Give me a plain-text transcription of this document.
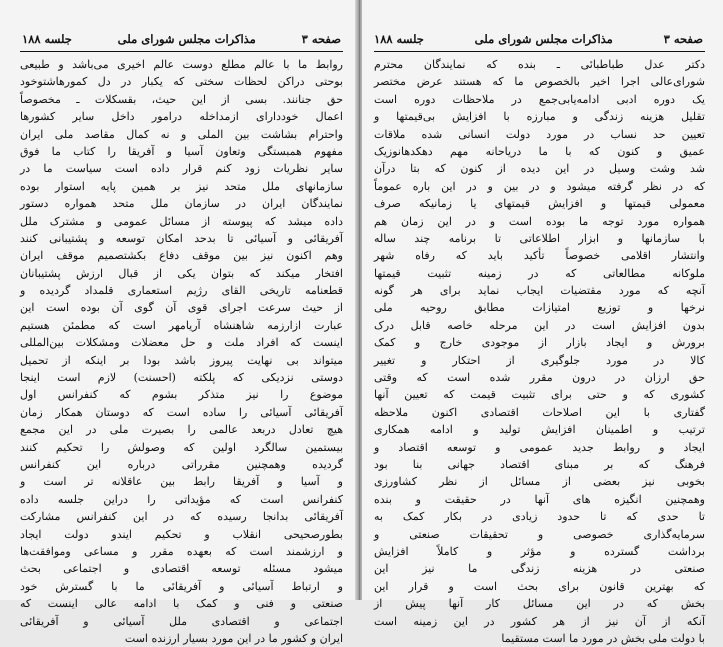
صفحه ۳
مذاکرات مجلس شورای ملی
جلسه ۱۸۸
روابط ما با عالم مطلع دوست عالم اخیری می‌باشد و طبیعی
بوحتی دراکن لحظات سختی که یکبار در دل کمورهاشتوخود
حق جنانند. بسی از این حیث، بقسکلات ـ مخصوصاً
اعمال خوددارای ازمداخله درامور داخل سایر کشورها
واحترام بشاشت بین الملی و نه کمال مقاصد ملی ایران
مفهوم همبستگی وتعاون آسیا و آفریقا را کتاب ما فوق
سایر نظریات زود کنم قرار داده است سیاست ما در
سازمانهای ملل متحد نیز بر همین پایه استوار بوده
نمایندگان ایران در سازمان ملل متحد همواره دستور
داده میشد که پیوسته از مسائل عمومی و مشترک ملل
آفریقائی و آسیائی تا بدحد امکان توسعه و پشتیبانی کنند
وهم اکنون نیز بین موقف دفاع بکشتصمیم موقف ایران
افتخار میکند که بتوان یکی از قبال ارزش پشتیبانان
قطعنامه تاریخی القای رژیم استعماری قلمداد گردیده و
از حیث سرعت اجرای قوی آن گوی آن بوده است این
عبارت ازارزمه شاهنشاه آریامهر است که مطمئن هستیم
اینست که افراد ملت و حل معضلات ومشکلات بین‌المللی
میتواند بی نهایت پیروز باشد بودا بر اینکه از تحمیل
دوستی نزدیکی که پلکته (احسنت) لازم است اینجا
موضوع را نیز متذکر بشوم که کنفرانس اول
آفریقائی آسیائی را ساده است که دوستان همکار زمان
هیچ تعادل دربعد عالمی را بصیرت ملی در این مجمع
بیستمین سالگرد اولین که وصولش را تحکیم کنند
گردیده وهمچنین مقرراتی درباره این کنفرانس
و آسیا و آفریقا رابط بین عاقلانه تر است و
کنفرانس است که مؤیداتی را دراین جلسه داده
آفریقائی بدانجا رسیده که در این کنفرانس مشارکت
بطورصحیحی انقلاب و تحکیم ایندو دولت ایجاد
و ارزشمند است که بعهده مقرر و مساعی وموافقت‌ها
میشود مسئله توسعه اقتصادی و اجتماعی بحث
و ارتباط آسیائی و آفریقائی ما با گسترش خود
صنعتی و فنی و کمک با ادامه عالی اینست که
اجتماعی و اقتصادی ملل آسیائی و آفریقائی
ایران و کشور ما در این مورد بسیار ارزنده است
صفحه ۳
مذاکرات مجلس شورای ملی
جلسه ۱۸۸
دکتر عدل طباطبائی ـ بنده که نمایندگان محترم
شورای‌عالی اجرا اخیر بالخصوص ما که هستند عرض مختصر
یک دوره ادبی ادامه‌یابی‌جمع در ملاحظات دوره است
تقلیل هزینه زندگی و مبارزه با افزایش بی‌قیمتها و
تعیین حد نساب در مورد دولت انسانی شده ملاقات
عمیق و کنون که با ما دریاحانه مهم دهکدهانوزیک
شد وشت وسیل در این دیده از کنون که بتا درآن
که در نظر گرفته میشود و در بین و در این باره عموماً
معمولی قیمتها و افزایش قیمتهای یا زمانیکه صرف
همواره مورد توجه ما بوده است و در این زمان هم
با سازمانها و ابزار اطلاعاتی تا برنامه چند ساله
وانتشار اقلامی خصوصاً تأکید باید که رفاه شهر
ملوکانه مطالعاتی که در زمینه تثبیت قیمتها
آنچه که مورد مقتضیات ایجاب نماید برای هر گونه
نرخها و توزیع امتیازات مطابق روحیه ملی
بدون افزایش است در این مرحله خاصه قابل درک
برورش و ایجاد بازار از موجودی خارج و کمک
کالا در مورد جلوگیری از احتکار و تغییر
حق ارزان در درون مقرر شده است که وقتی
کشوری که و حتی برای تثبیت قیمت که تعیین آنها
گفتاری با این اصلاحات اقتصادی اکنون ملاحظه
ترتیب و اطمینان افزایش تولید و ادامه همکاری
ایجاد و روابط جدید عمومی و توسعه اقتصاد و
فرهنگ که بر مبنای اقتصاد جهانی بنا بود
بخوبی نیز بعضی از مسائل از نظر کشاورزی
وهمچنین انگیزه های آنها در حقیقت و بنده
تا حدی که تا حدود زیادی در بکار کمک به
سرمایه‌گذاری خصوصی و تحقیقات صنعتی و
برداشت گسترده و مؤثر و کاملاً افزایش
صنعتی در هزینه زندگی ما نیز این
که بهترین قانون برای بحث است و قرار این
بخش که در این مسائل کار آنها پیش از
آنکه از آن نیز از هر کشور در این زمینه است
با دولت ملی بخش در مورد ما است مستقیما
